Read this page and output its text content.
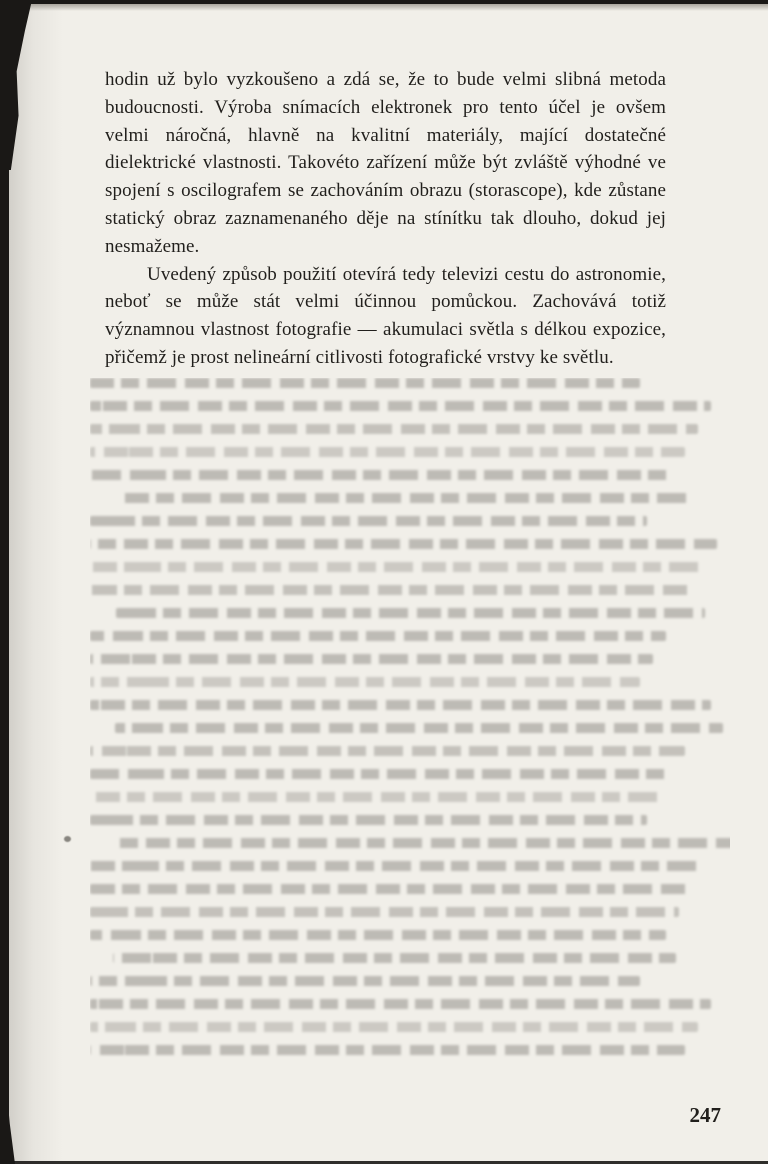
hodin už bylo vyzkoušeno a zdá se, že to bude velmi slibná metoda budoucnosti. Výroba snímacích elektronek pro tento účel je ovšem velmi náročná, hlavně na kvalitní materiály, mající dostatečné dielektrické vlastnosti. Takovéto zařízení může být zvláště výhodné ve spojení s oscilografem se zachováním obrazu (storascope), kde zůstane statický obraz zaznamenaného děje na stínítku tak dlouho, dokud jej nesmažeme.

Uvedený způsob použití otevírá tedy televizi cestu do astronomie, neboť se může stát velmi účinnou pomůckou. Zachovává totiž významnou vlastnost fotografie — akumulaci světla s délkou expozice, přičemž je prost nelineární citlivosti fotografické vrstvy ke světlu.

247
